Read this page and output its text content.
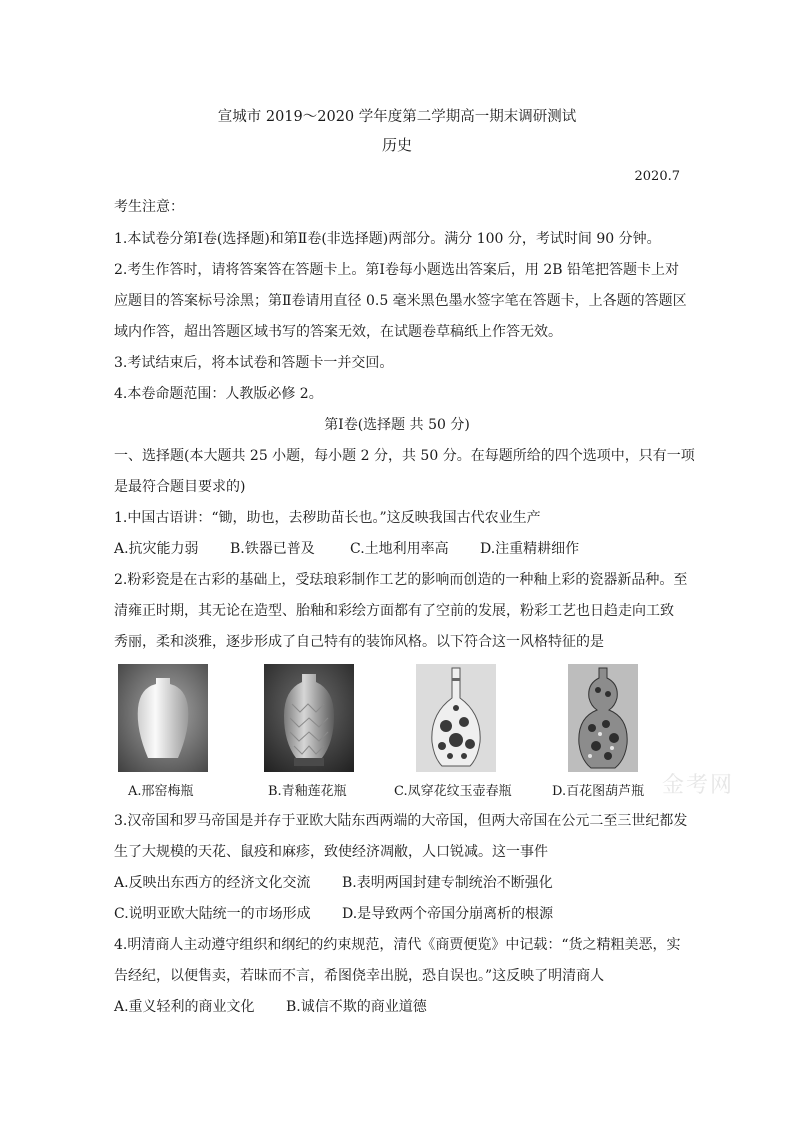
宣城市 2019～2020 学年度第二学期高一期末调研测试
历史
2020.7
考生注意：
1.本试卷分第Ⅰ卷(选择题)和第Ⅱ卷(非选择题)两部分。满分 100 分，考试时间 90 分钟。
2.考生作答时，请将答案答在答题卡上。第Ⅰ卷每小题选出答案后，用 2B 铅笔把答题卡上对
应题目的答案标号涂黑；第Ⅱ卷请用直径 0.5 毫米黑色墨水签字笔在答题卡，上各题的答题区
域内作答，超出答题区域书写的答案无效，在试题卷草稿纸上作答无效。
3.考试结束后，将本试卷和答题卡一并交回。
4.本卷命题范围：人教版必修 2。
第Ⅰ卷(选择题 共 50 分)
一、选择题(本大题共 25 小题，每小题 2 分，共 50 分。在每题所给的四个选项中，只有一项
是最符合题目要求的)
1.中国古语讲：“锄，助也，去秽助苗长也。”这反映我国古代农业生产
A.抗灾能力弱	B.铁器已普及	C.土地利用率高	D.注重精耕细作
2.粉彩瓷是在古彩的基础上，受珐琅彩制作工艺的影响而创造的一种釉上彩的瓷器新品种。至
清雍正时期，其无论在造型、胎釉和彩绘方面都有了空前的发展，粉彩工艺也日趋走向工致
秀丽，柔和淡雅，逐步形成了自己特有的装饰风格。以下符合这一风格特征的是
A.邢窑梅瓶	B.青釉莲花瓶	C.凤穿花纹玉壶春瓶	D.百花图葫芦瓶 金考网
3.汉帝国和罗马帝国是并存于亚欧大陆东西两端的大帝国，但两大帝国在公元二至三世纪都发
生了大规模的天花、鼠疫和麻疹，致使经济凋敝，人口锐减。这一事件
A.反映出东西方的经济文化交流	B.表明两国封建专制统治不断强化
C.说明亚欧大陆统一的市场形成	D.是导致两个帝国分崩离析的根源
4.明清商人主动遵守组织和纲纪的约束规范，清代《商贾便览》中记载：“货之精粗美恶，实
告经纪，以便售卖，若昧而不言，希图侥幸出脱，恐自误也。”这反映了明清商人
A.重义轻利的商业文化	B.诚信不欺的商业道德
